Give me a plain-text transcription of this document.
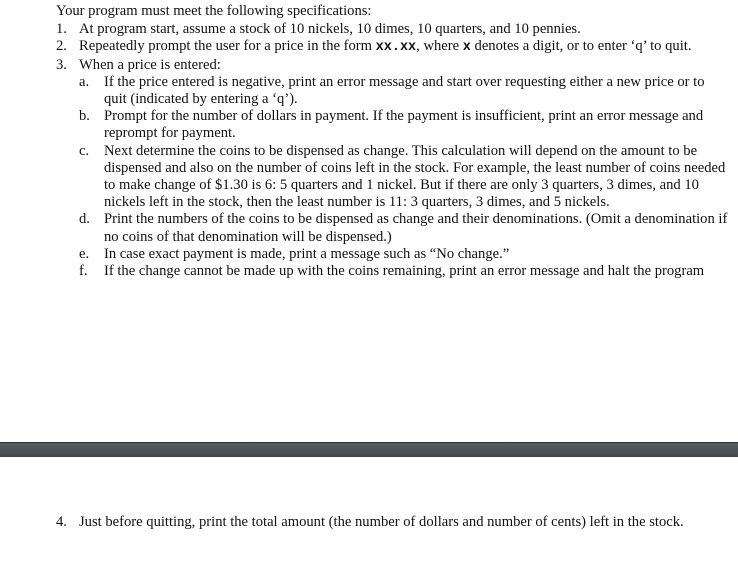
Your program must meet the following specifications:

1. At program start, assume a stock of 10 nickels, 10 dimes, 10 quarters, and 10 pennies.
2. Repeatedly prompt the user for a price in the form xx.xx, where x denotes a digit, or to enter ‘q’ to quit.
3. When a price is entered:
a. If the price entered is negative, print an error message and start over requesting either a new price or to quit (indicated by entering a ‘q’).
b. Prompt for the number of dollars in payment. If the payment is insufficient, print an error message and reprompt for payment.
c. Next determine the coins to be dispensed as change. This calculation will depend on the amount to be dispensed and also on the number of coins left in the stock. For example, the least number of coins needed to make change of $1.30 is 6: 5 quarters and 1 nickel. But if there are only 3 quarters, 3 dimes, and 10 nickels left in the stock, then the least number is 11: 3 quarters, 3 dimes, and 5 nickels.
d. Print the numbers of the coins to be dispensed as change and their denominations. (Omit a denomination if no coins of that denomination will be dispensed.)
e. In case exact payment is made, print a message such as “No change.”
f. If the change cannot be made up with the coins remaining, print an error message and halt the program
4. Just before quitting, print the total amount (the number of dollars and number of cents) left in the stock.
